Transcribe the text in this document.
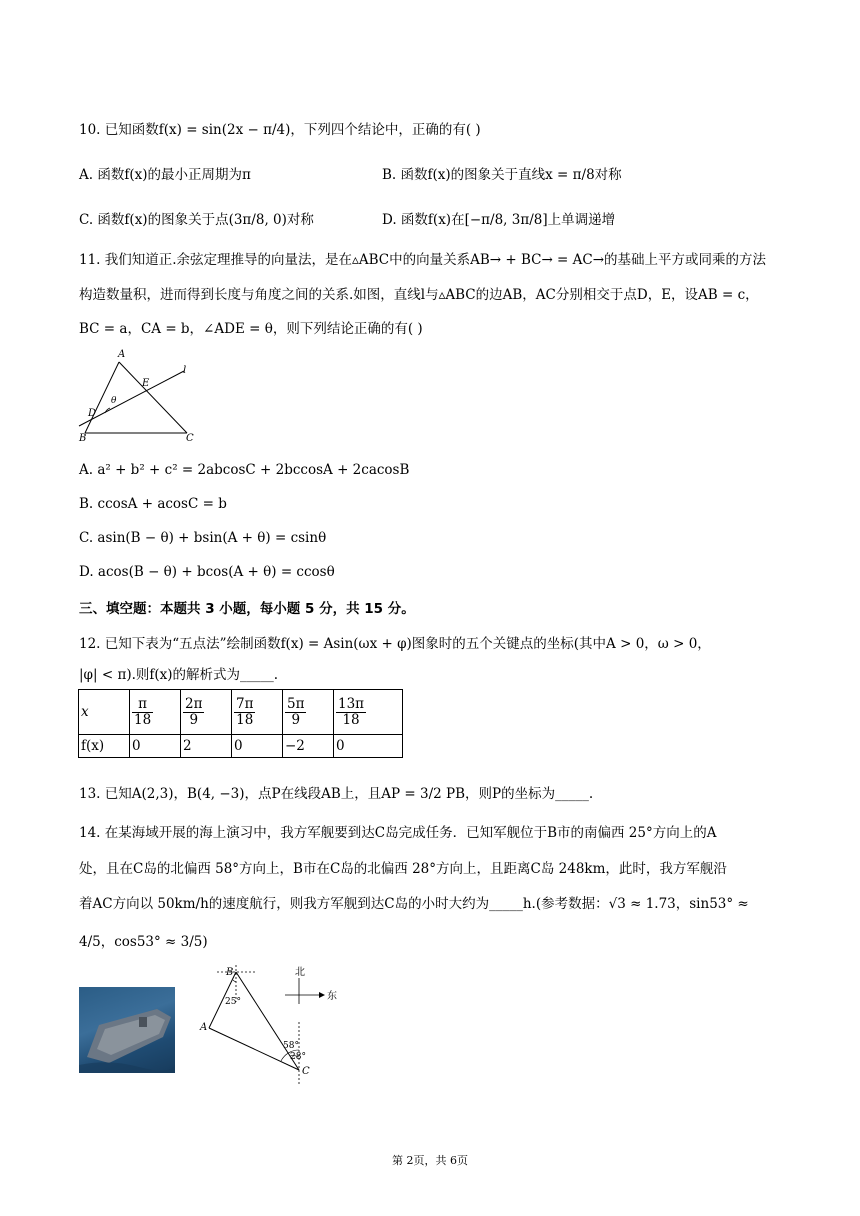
10. 已知函数f(x) = sin(2x − π/4)，下列四个结论中，正确的有( )
A. 函数f(x)的最小正周期为π	B. 函数f(x)的图象关于直线x = π/8对称
C. 函数f(x)的图象关于点(3π/8, 0)对称	D. 函数f(x)在[−π/8, 3π/8]上单调递增
11. 我们知道正.余弦定理推导的向量法，是在▵ABC中的向量关系AB→ + BC→ = AC→的基础上平方或同乘的方法
构造数量积，进而得到长度与角度之间的关系.如图，直线l与▵ABC的边AB，AC分别相交于点D，E，设AB = c，
BC = a，CA = b，∠ADE = θ，则下列结论正确的有( )
A
B	C
D
E
l
θ
A. a² + b² + c² = 2abcosC + 2bccosA + 2cacosB
B. ccosA + acosC = b
C. asin(B − θ) + bsin(A + θ) = csinθ
D. acos(B − θ) + bcos(A + θ) = ccosθ
三、填空题：本题共 3 小题，每小题 5 分，共 15 分。
12. 已知下表为“五点法”绘制函数f(x) = Asin(ωx + φ)图象时的五个关键点的坐标(其中A > 0，ω > 0，
|φ| < π).则f(x)的解析式为_____.
x	$\frac{\pi}{18}$	$\frac{2\pi}{9}$	$\frac{7\pi}{18}$	$\frac{5\pi}{9}$	$\frac{13\pi}{18}$

f(x)	0	2	0	−2	0
13. 已知A(2,3)，B(4, −3)，点P在线段AB上，且AP = 3/2 PB，则P的坐标为_____.
14. 在某海域开展的海上演习中，我方军舰要到达C岛完成任务．已知军舰位于B市的南偏西 25°方向上的A
处，且在C岛的北偏西 58°方向上，B市在C岛的北偏西 28°方向上，且距离C岛 248km，此时，我方军舰沿
着AC方向以 50km/h的速度航行，则我方军舰到达C岛的小时大约为_____h.(参考数据：√3 ≈ 1.73，sin53° ≈
4/5，cos53° ≈ 3/5)
B
A
C
25°
58°
28°
北
东
第 2页，共 6页
